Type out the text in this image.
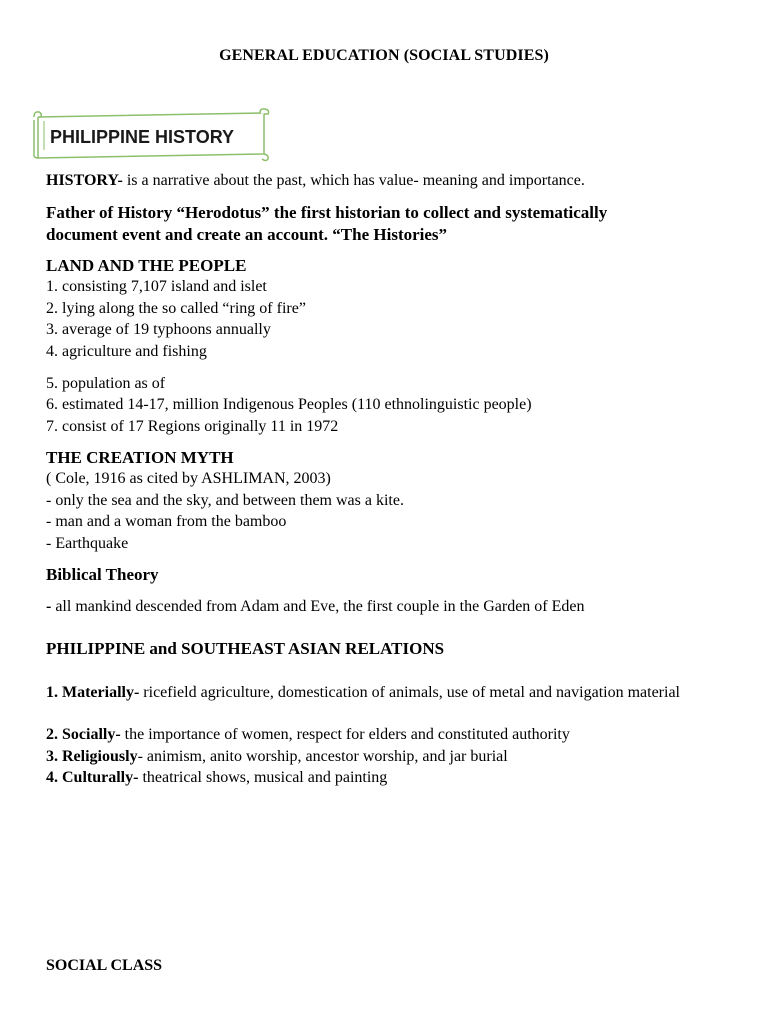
GENERAL EDUCATION (SOCIAL STUDIES)
PHILIPPINE HISTORY
HISTORY- is a narrative about the past, which has value- meaning and importance.
Father of History “Herodotus” the first historian to collect and systematically
document event and create an account. “The Histories”
LAND AND THE PEOPLE
1. consisting 7,107 island and islet
2. lying along the so called “ring of fire”
3. average of 19 typhoons annually
4. agriculture and fishing
5. population as of
6. estimated 14-17, million Indigenous Peoples (110 ethnolinguistic people)
7. consist of 17 Regions originally 11 in 1972
THE CREATION MYTH
( Cole, 1916 as cited by ASHLIMAN, 2003)
- only the sea and the sky, and between them was a kite.
- man and a woman from the bamboo
- Earthquake
Biblical Theory
- all mankind descended from Adam and Eve, the first couple in the Garden of Eden
PHILIPPINE and SOUTHEAST ASIAN RELATIONS
1. Materially- ricefield agriculture, domestication of animals, use of metal and navigation material
2. Socially- the importance of women, respect for elders and constituted authority
3. Religiously- animism, anito worship, ancestor worship, and jar burial
4. Culturally- theatrical shows, musical and painting
SOCIAL CLASS
